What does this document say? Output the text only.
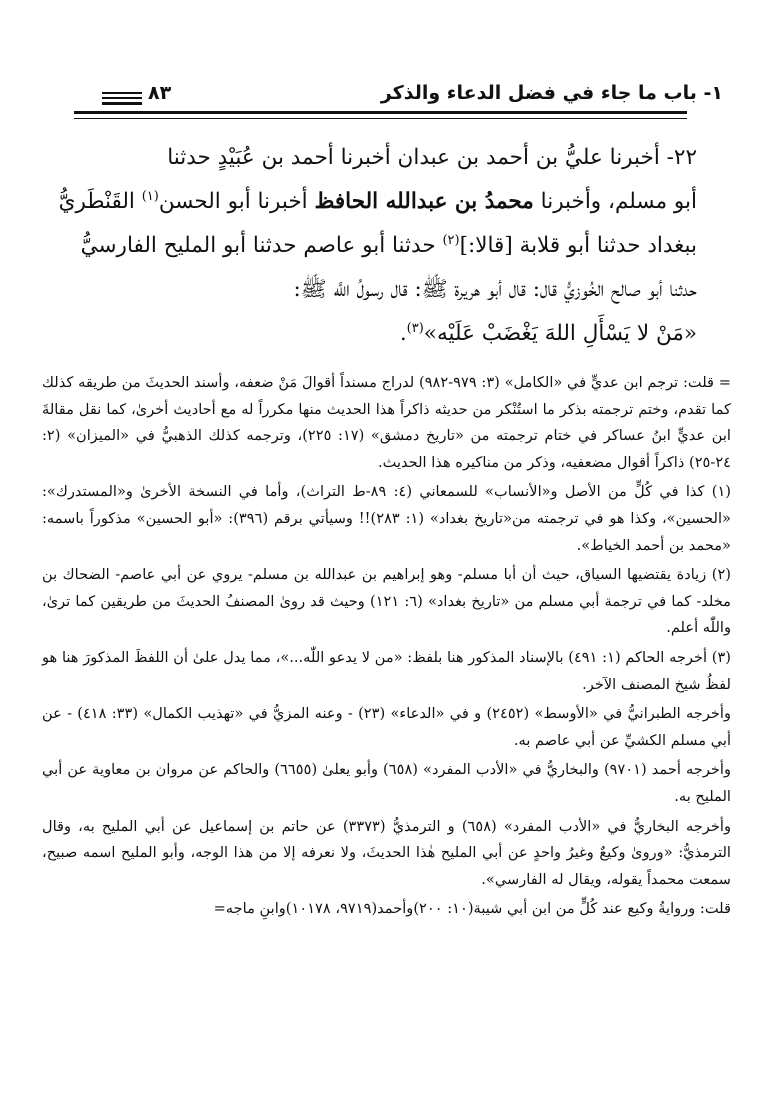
١- باب ما جاء في فضل الدعاء والذكر
٨٣
٢٢- أخبرنا عليُّ بن أحمد بن عبدان أخبرنا أحمد بن عُبَيْدٍ حدثنا
أبو مسلم، وأخبرنا محمدُ بن عبدالله الحافظ أخبرنا أبو الحسن$^{(١)}$ القَنْطَريُّ
ببغداد حدثنا أبو قلابة [قالا:]$^{(٢)}$ حدثنا أبو عاصم حدثنا أبو المليح الفارسيُّ
حدثنا أبو صالح الخُوزيُّ قال: قال أبو هريرة ﷺ: قال رسولُ اللَّه ﷺ:
«مَنْ لا يَسْأَلِ اللهَ يَغْضَبْ عَلَيْه»$^{(٣)}$.

= قلت: ترجم ابن عديٍّ في «الكامل» (٣: ٩٧٩-٩٨٢) لدراج مسنداً أقوالَ مَنْ ضعفه، وأسند الحديثَ من طريقه كذلك كما تقدم، وختم ترجمته بذكر ما استُنْكر من حديثه ذاكراً هذا الحديث منها مكرراً له مع أحاديث أخرىٰ، كما نقل مقالةَ ابن عديٍّ ابنُ عساكر في ختام ترجمته من «تاريخ دمشق» (١٧: ٢٢٥)، وترجمه كذلك الذهبيُّ في «الميزان» (٢: ٢٤-٢٥) ذاكراً أقوال مضعفيه، وذكر من مناكيره هذا الحديث.

(١) كذا في كُلٍّ من الأصل و«الأنساب» للسمعاني (٤: ٨٩-ط التراث)، وأما في النسخة الأخرىٰ و«المستدرك»: «الحسين»، وكذا هو في ترجمته من«تاريخ بغداد» (١: ٢٨٣)!! وسيأتي برقم (٣٩٦): «أبو الحسين» مذكوراً باسمه: «محمد بن أحمد الخياط».

(٢) زيادة يقتضيها السياق، حيث أن أبا مسلم- وهو إبراهيم بن عبدالله بن مسلم- يروي عن أبي عاصم- الضحاك بن مخلد- كما في ترجمة أبي مسلم من «تاريخ بغداد» (٦: ١٢١) وحيث قد روىٰ المصنفُ الحديثَ من طريقين كما ترىٰ، واللّٰه أعلم.

(٣) أخرجه الحاكم (١: ٤٩١) بالإسناد المذكور هنا بلفظ: «من لا يدعو اللّٰه...»، مما يدل علىٰ أن اللفظَ المذكورَ هنا هو لفظُ شيخ المصنف الآخر.

وأخرجه الطبرانيُّ في «الأوسط» (٢٤٥٢) و في «الدعاء» (٢٣) - وعنه المزيُّ في «تهذيب الكمال» (٣٣: ٤١٨) - عن أبي مسلم الكشيِّ عن أبي عاصم به.

وأخرجه أحمد (٩٧٠١) والبخاريُّ في «الأدب المفرد» (٦٥٨) وأبو يعلىٰ (٦٦٥٥) والحاكم عن مروان بن معاوية عن أبي المليح به.

وأخرجه البخاريُّ في «الأدب المفرد» (٦٥٨) و الترمذيُّ (٣٣٧٣) عن حاتم بن إسماعيل عن أبي المليح به، وقال الترمذيُّ: «وروىٰ وكيعٌ وغيرُ واحدٍ عن أبي المليح هٰذا الحديثَ، ولا نعرفه إلا من هذا الوجه، وأبو المليح اسمه صبيح، سمعت محمداً يقوله، ويقال له الفارسي».

قلت: وروايةُ وكيع عند كُلٍّ من ابن أبي شيبة(١٠: ٢٠٠)وأحمد(٩٧١٩، ١٠١٧٨)وابنِ ماجه=
